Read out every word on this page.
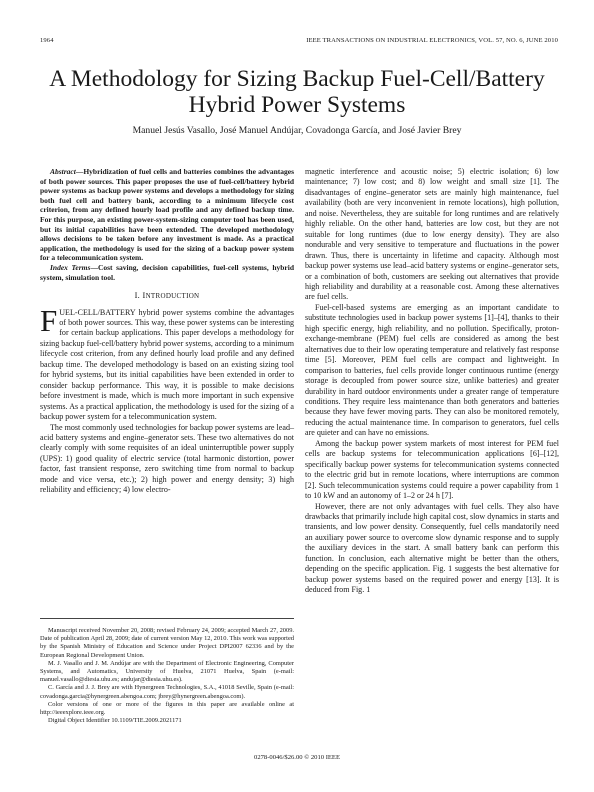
1964	IEEE TRANSACTIONS ON INDUSTRIAL ELECTRONICS, VOL. 57, NO. 6, JUNE 2010
A Methodology for Sizing Backup Fuel-Cell/Battery Hybrid Power Systems
Manuel Jesús Vasallo, José Manuel Andújar, Covadonga García, and José Javier Brey

Abstract—Hybridization of fuel cells and batteries combines the advantages of both power sources. This paper proposes the use of fuel-cell/battery hybrid power systems as backup power systems and develops a methodology for sizing both fuel cell and battery bank, according to a minimum lifecycle cost criterion, from any defined hourly load profile and any defined backup time. For this purpose, an existing power-system-sizing computer tool has been used, but its initial capabilities have been extended. The developed methodology allows decisions to be taken before any investment is made. As a practical application, the methodology is used for the sizing of a backup power system for a telecommunication system.

Index Terms—Cost saving, decision capabilities, fuel-cell systems, hybrid system, simulation tool.

I. INTRODUCTION

FUEL-CELL/BATTERY hybrid power systems combine the advantages of both power sources. This way, these power systems can be interesting for certain backup applications. This paper develops a methodology for sizing backup fuel-cell/battery hybrid power systems, according to a minimum lifecycle cost criterion, from any defined hourly load profile and any defined backup time. The developed methodology is based on an existing sizing tool for hybrid systems, but its initial capabilities have been extended in order to consider backup performance. This way, it is possible to make decisions before investment is made, which is much more important in such expensive systems. As a practical application, the methodology is used for the sizing of a backup power system for a telecommunication system.

The most commonly used technologies for backup power systems are lead–acid battery systems and engine–generator sets. These two alternatives do not clearly comply with some requisites of an ideal uninterruptible power supply (UPS): 1) good quality of electric service (total harmonic distortion, power factor, fast transient response, zero switching time from normal to backup mode and vice versa, etc.); 2) high power and energy density; 3) high reliability and efficiency; 4) low electro-

Manuscript received November 20, 2008; revised February 24, 2009; accepted March 27, 2009. Date of publication April 28, 2009; date of current version May 12, 2010. This work was supported by the Spanish Ministry of Education and Science under Project DPI2007 62336 and by the European Regional Development Union.

M. J. Vasallo and J. M. Andújar are with the Department of Electronic Engineering, Computer Systems, and Automatics, University of Huelva, 21071 Huelva, Spain (e-mail: manuel.vasallo@diesia.uhu.es; andujar@diesia.uhu.es).

C. García and J. J. Brey are with Hynergreen Technologies, S.A., 41018 Seville, Spain (e-mail: covadonga.garcia@hynergreen.abengoa.com; jbrey@hynergreen.abengoa.com).

Color versions of one or more of the figures in this paper are available online at http://ieeexplore.ieee.org.

Digital Object Identifier 10.1109/TIE.2009.2021171

magnetic interference and acoustic noise; 5) electric isolation; 6) low maintenance; 7) low cost; and 8) low weight and small size [1]. The disadvantages of engine–generator sets are mainly high maintenance, fuel availability (both are very inconvenient in remote locations), high pollution, and noise. Nevertheless, they are suitable for long runtimes and are relatively highly reliable. On the other hand, batteries are low cost, but they are not suitable for long runtimes (due to low energy density). They are also nondurable and very sensitive to temperature and fluctuations in the power drawn. Thus, there is uncertainty in lifetime and capacity. Although most backup power systems use lead–acid battery systems or engine–generator sets, or a combination of both, customers are seeking out alternatives that provide high reliability and durability at a reasonable cost. Among these alternatives are fuel cells.

Fuel-cell-based systems are emerging as an important candidate to substitute technologies used in backup power systems [1]–[4], thanks to their high specific energy, high reliability, and no pollution. Specifically, proton-exchange-membrane (PEM) fuel cells are considered as among the best alternatives due to their low operating temperature and relatively fast response time [5]. Moreover, PEM fuel cells are compact and lightweight. In comparison to batteries, fuel cells provide longer continuous runtime (energy storage is decoupled from power source size, unlike batteries) and greater durability in hard outdoor environments under a greater range of temperature conditions. They require less maintenance than both generators and batteries because they have fewer moving parts. They can also be monitored remotely, reducing the actual maintenance time. In comparison to generators, fuel cells are quieter and can have no emissions.

Among the backup power system markets of most interest for PEM fuel cells are backup systems for telecommunication applications [6]–[12], specifically backup power systems for telecommunication systems connected to the electric grid but in remote locations, where interruptions are common [2]. Such telecommunication systems could require a power capability from 1 to 10 kW and an autonomy of 1–2 or 24 h [7].

However, there are not only advantages with fuel cells. They also have drawbacks that primarily include high capital cost, slow dynamics in starts and transients, and low power density. Consequently, fuel cells mandatorily need an auxiliary power source to overcome slow dynamic response and to supply the auxiliary devices in the start. A small battery bank can perform this function. In conclusion, each alternative might be better than the others, depending on the specific application. Fig. 1 suggests the best alternative for backup power systems based on the required power and energy [13]. It is deduced from Fig. 1

0278-0046/$26.00 © 2010 IEEE
